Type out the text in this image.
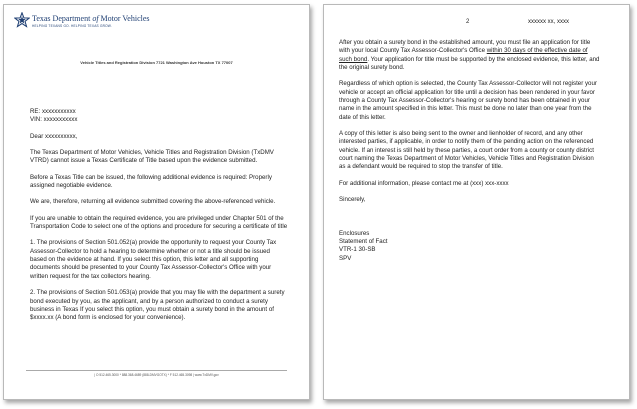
Texas Department of Motor Vehicles
HELPING TEXANS GO. HELPING TEXAS GROW.
Vehicle Titles and Registration Division 7721 Washington Ave Houston TX 77007

RE: xxxxxxxxxxx

VIN: xxxxxxxxxxx

Dear xxxxxxxxxx,

The Texas Department of Motor Vehicles, Vehicle Titles and Registration Division (TxDMV VTRD) cannot issue a Texas Certificate of Title based upon the evidence submitted.

Before a Texas Title can be issued, the following additional evidence is required: Properly assigned negotiable evidence.

We are, therefore, returning all evidence submitted covering the above-referenced vehicle.

If you are unable to obtain the required evidence, you are privileged under Chapter 501 of the Transportation Code to select one of the options and procedure for securing a certificate of title

1. The provisions of Section 501.052(a) provide the opportunity to request your County Tax Assessor-Collector to hold a hearing to determine whether or not a title should be issued based on the evidence at hand. If you select this option, this letter and all supporting documents should be presented to your County Tax Assessor-Collector's Office with your written request for the tax collectors hearing.

2. The provisions of Section 501.053(a) provide that you may file with the department a surety bond executed by you, as the applicant, and by a person authorized to conduct a surety business in Texas If you select this option, you must obtain a surety bond in the amount of $xxxx.xx (A bond form is enclosed for your convenience).

| O 512.465.3000 * 888.368.4689 (888-DMVGOTX) * F 512.465.3098 | www.TxDMV.gov
2	xxxxxx xx, xxxx

After you obtain a surety bond in the established amount, you must file an application for title with your local County Tax Assessor-Collector's Office within 30 days of the effective date of such bond. Your application for title must be supported by the enclosed evidence, this letter, and the original surety bond.

Regardless of which option is selected, the County Tax Assessor-Collector will not register your vehicle or accept an official application for title until a decision has been rendered in your favor through a County Tax Assessor-Collector's hearing or surety bond has been obtained in your name in the amount specified in this letter. This must be done no later than one year from the date of this letter.

A copy of this letter is also being sent to the owner and lienholder of record, and any other interested parties, if applicable, in order to notify them of the pending action on the referenced vehicle. If an interest is still held by these parties, a court order from a county or county district court naming the Texas Department of Motor Vehicles, Vehicle Titles and Registration Division as a defendant would be required to stop the transfer of title.

For additional information, please contact me at (xxx) xxx-xxxx

Sincerely,

Enclosures

Statement of Fact

VTR-1 30-SB

SPV
